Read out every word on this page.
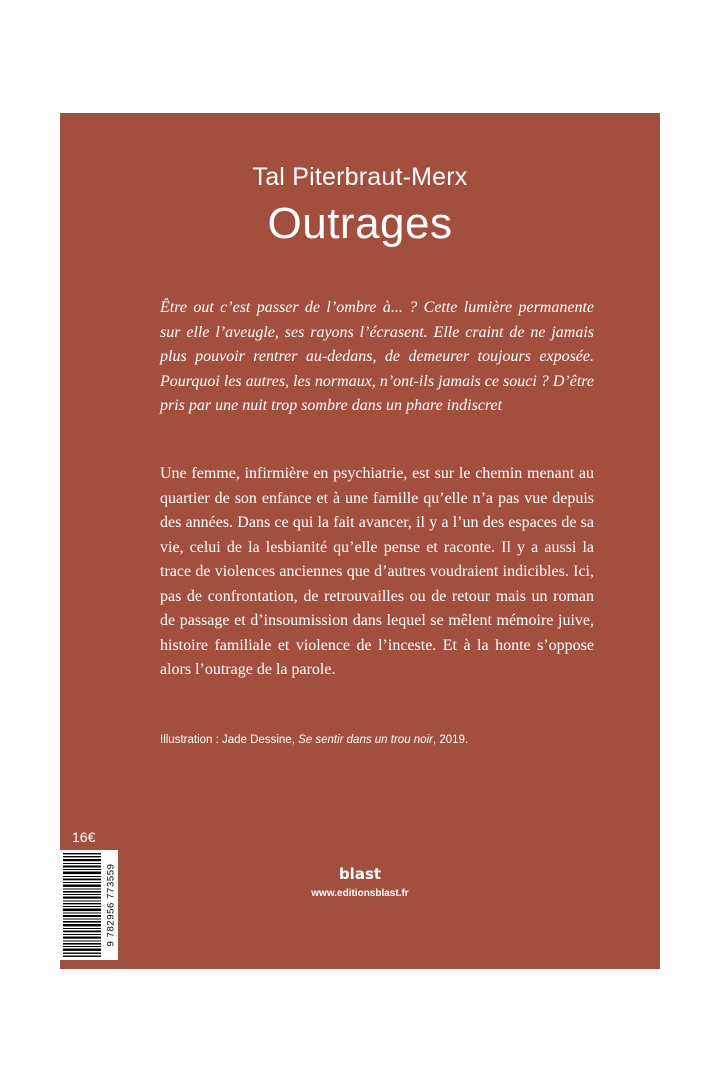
Tal Piterbraut-Merx
Outrages

Être out c’est passer de l’ombre à... ? Cette lumière permanente sur elle l’aveugle, ses rayons l’écrasent. Elle craint de ne jamais plus pouvoir rentrer au-dedans, de demeurer toujours exposée. Pourquoi les autres, les normaux, n’ont-ils jamais ce souci ? D’être pris par une nuit trop sombre dans un phare indiscret

Une femme, infirmière en psychiatrie, est sur le chemin menant au quartier de son enfance et à une famille qu’elle n’a pas vue depuis des années. Dans ce qui la fait avancer, il y a l’un des espaces de sa vie, celui de la lesbianité qu’elle pense et raconte. Il y a aussi la trace de violences anciennes que d’autres voudraient indicibles. Ici, pas de confrontation, de retrouvailles ou de retour mais un roman de passage et d’insoumission dans lequel se mêlent mémoire juive, histoire familiale et violence de l’inceste. Et à la honte s’oppose alors l’outrage de la parole.

Illustration : Jade Dessine, Se sentir dans un trou noir, 2019.

16€
9 782956 773559	blast
www.editionsblast.fr
